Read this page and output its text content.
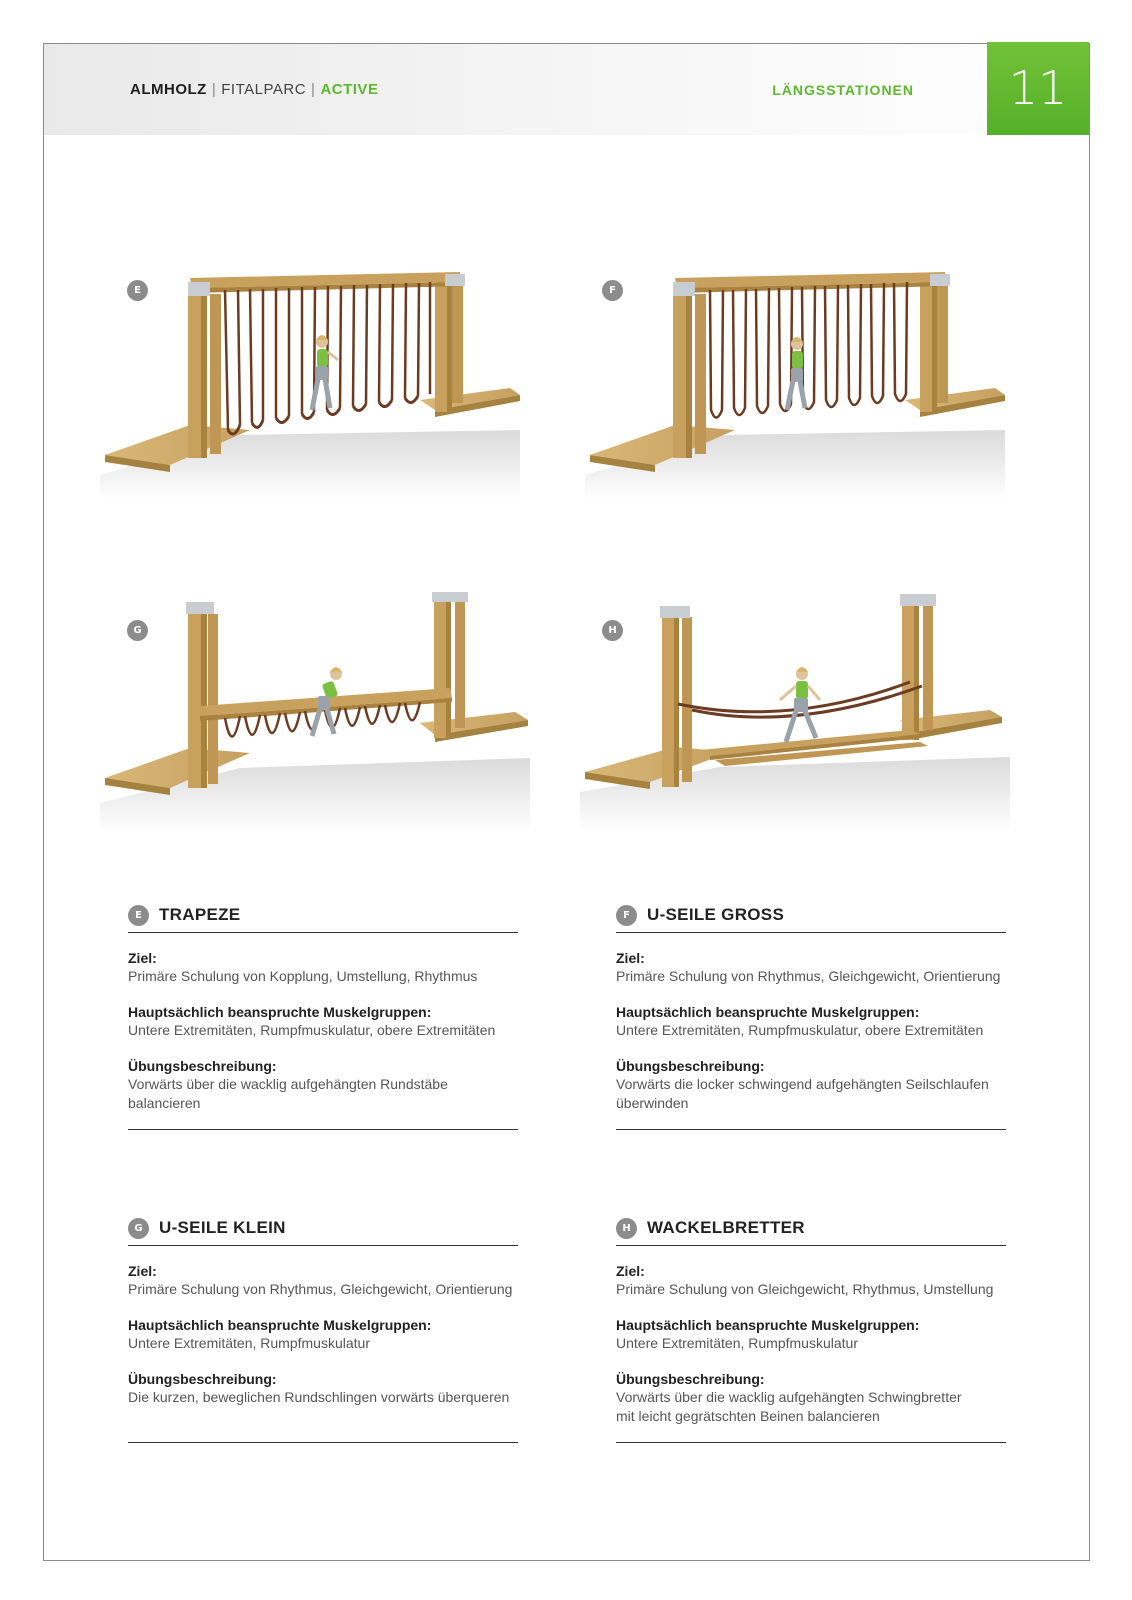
ALMHOLZ | FITALPARC | ACTIVE	LÄNGSSTATIONEN	11
E	F
G	H
E	TRAPEZE
Ziel:
Primäre Schulung von Kopplung, Umstellung, Rhythmus
Hauptsächlich beanspruchte Muskelgruppen:
Untere Extremitäten, Rumpfmuskulatur, obere Extremitäten
Übungsbeschreibung:
Vorwärts über die wacklig aufgehängten Rundstäbe
balancieren
F	U-SEILE GROSS
Ziel:
Primäre Schulung von Rhythmus, Gleichgewicht, Orientierung
Hauptsächlich beanspruchte Muskelgruppen:
Untere Extremitäten, Rumpfmuskulatur, obere Extremitäten
Übungsbeschreibung:
Vorwärts die locker schwingend aufgehängten Seilschlaufen
überwinden
G U-SEILE KLEIN
Ziel:
Primäre Schulung von Rhythmus, Gleichgewicht, Orientierung
Hauptsächlich beanspruchte Muskelgruppen:
Untere Extremitäten, Rumpfmuskulatur
Übungsbeschreibung:
Die kurzen, beweglichen Rundschlingen vorwärts überqueren
H WACKELBRETTER
Ziel:
Primäre Schulung von Gleichgewicht, Rhythmus, Umstellung
Hauptsächlich beanspruchte Muskelgruppen:
Untere Extremitäten, Rumpfmuskulatur
Übungsbeschreibung:
Vorwärts über die wacklig aufgehängten Schwingbretter
mit leicht gegrätschten Beinen balancieren
